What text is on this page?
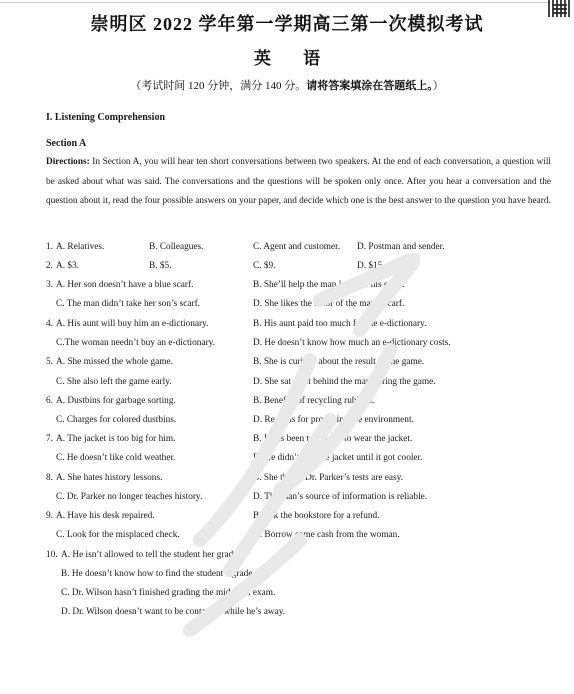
崇明区 2022 学年第一学期高三第一次模拟考试
英 语
（考试时间 120 分钟，满分 140 分。请将答案填涂在答题纸上。）
I. Listening Comprehension
Section A
Directions: In Section A, you will hear ten short conversations between two speakers. At the end of each conversation, a question will be asked about what was said. The conversations and the questions will be spoken only once. After you hear a conversation and the question about it, read the four possible answers on your paper, and decide which one is the best answer to the question you have heard.
1. A. Relatives.	B. Colleagues.	C. Agent and customer. D. Postman and sender.
2. A. $3.	B. $5.	C. $9.	D. $15.
3. A. Her son doesn’t have a blue scarf.	B. She’ll help the man look for his scarf.
C. The man didn’t take her son’s scarf.	D. She likes the color of the man’s scarf.
4. A. His aunt will buy him an e-dictionary.	B. His aunt paid too much for the e-dictionary.
C.The woman needn’t buy an e-dictionary.	D. He doesn’t know how much an e-dictionary costs.
5. A. She missed the whole game.	B. She is curious about the result of the game.
C. She also left the game early.	D. She sat right behind the man during the game.
6. A. Dustbins for garbage sorting.	B. Benefits of recycling rubbish.
C. Charges for colored dustbins.	D. Reasons for protecting the environment.
7. A. The jacket is too big for him.	B. It has been too warm to wear the jacket.
C. He doesn’t like cold weather.	D. He didn’t buy the jacket until it got cooler.
8. A. She hates history lessons.	B. She thinks Dr. Parker’s tests are easy.
C. Dr. Parker no longer teaches history.	D. The man’s source of information is reliable.
9. A. Have his desk repaired.	B. Ask the bookstore for a refund.
C. Look for the misplaced check.	D. Borrow some cash from the woman.
10. A. He isn’t allowed to tell the student her grade.
B. He doesn’t know how to find the student’s grade.
C. Dr. Wilson hasn’t finished grading the mid-term exam.
D. Dr. Wilson doesn’t want to be contacted while he’s away.
